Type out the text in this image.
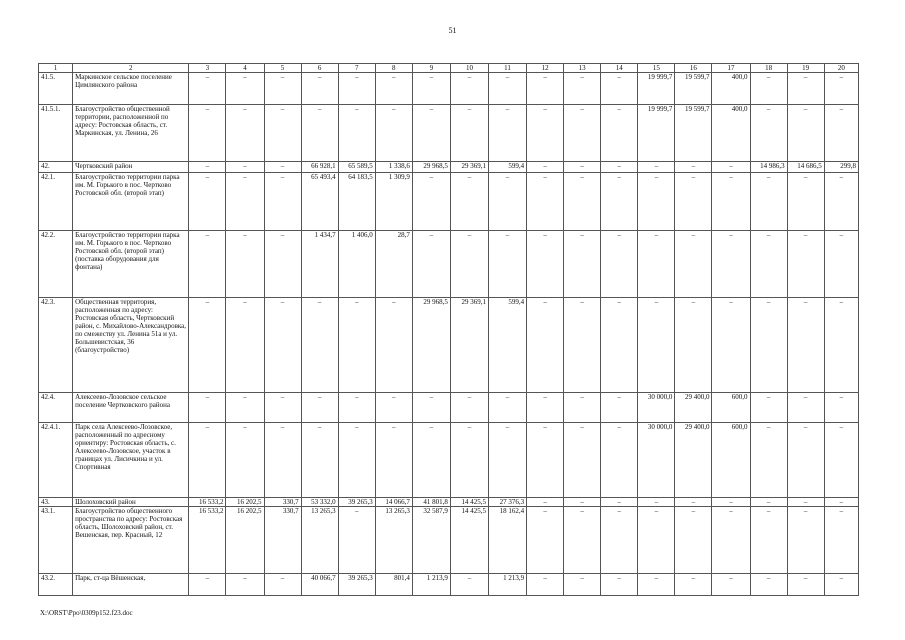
51
1	2	3	4	5	6	7	8	9	10	11	12	13	14	15	16	17	18	19	20
41.5.	Маркинское сельское поселение Цимлянского района	–	–	–	–	–	–	–	–	–	–	–	–	19 999,7	19 599,7	400,0	–	–	–
41.5.1.	Благоустройство общественной территории, расположенной по адресу: Ростовская область, ст. Маркинская, ул. Ленина, 26	–	–	–	–	–	–	–	–	–	–	–	–	19 999,7	19 599,7	400,0	–	–	–
42.	Чертковский район	–	–	–	66 928,1	65 589,5	1 338,6	29 968,5	29 369,1	599,4	–	–	–	–	–	–	14 986,3	14 686,5	299,8
42.1.	Благоустройство территории парка им. М. Горького в пос. Чертково Ростовской обл. (второй этап)	–	–	–	65 493,4	64 183,5	1 309,9	–	–	–	–	–	–	–	–	–	–	–	–
42.2.	Благоустройство территории парка им. М. Горького в пос. Чертково Ростовской обл. (второй этап) (поставка оборудования для фонтана)	–	–	–	1 434,7	1 406,0	28,7	–	–	–	–	–	–	–	–	–	–	–	–
42.3.	Общественная территория, расположенная по адресу: Ростовская область, Чертковский район, с. Михайлово-Александровка, по смежеству ул. Ленина 51а и ул. Большевистская, 36 (благоустройство)	–	–	–	–	–	–	29 968,5	29 369,1	599,4	–	–	–	–	–	–	–	–	–
42.4.	Алексеево-Лозовское сельское поселение Чертковского района	–	–	–	–	–	–	–	–	–	–	–	–	30 000,0	29 400,0	600,0	–	–	–
42.4.1.	Парк села Алексеево-Лозовское, расположенный по адресному ориентиру: Ростовская область, с. Алексеево-Лозовское, участок в границах ул. Лисичкина и ул. Спортивная	–	–	–	–	–	–	–	–	–	–	–	–	30 000,0	29 400,0	600,0	–	–	–
43.	Шолоховский район	16 533,2	16 202,5	330,7	53 332,0	39 265,3	14 066,7	41 801,8	14 425,5	27 376,3	–	–	–	–	–	–	–	–	–
43.1.	Благоустройство общественного пространства по адресу: Ростовская область, Шолоховский район, ст. Вешенская, пер. Красный, 12	16 533,2	16 202,5	330,7	13 265,3	–	13 265,3	32 587,9	14 425,5	18 162,4	–	–	–	–	–	–	–	–	–
43.2.	Парк, ст-ца Вёшенская,	–	–	–	40 066,7	39 265,3	801,4	1 213,9	–	1 213,9	–	–	–	–	–	–	–	–	–
X:\ORST\Ppo\0309p152.f23.doc
